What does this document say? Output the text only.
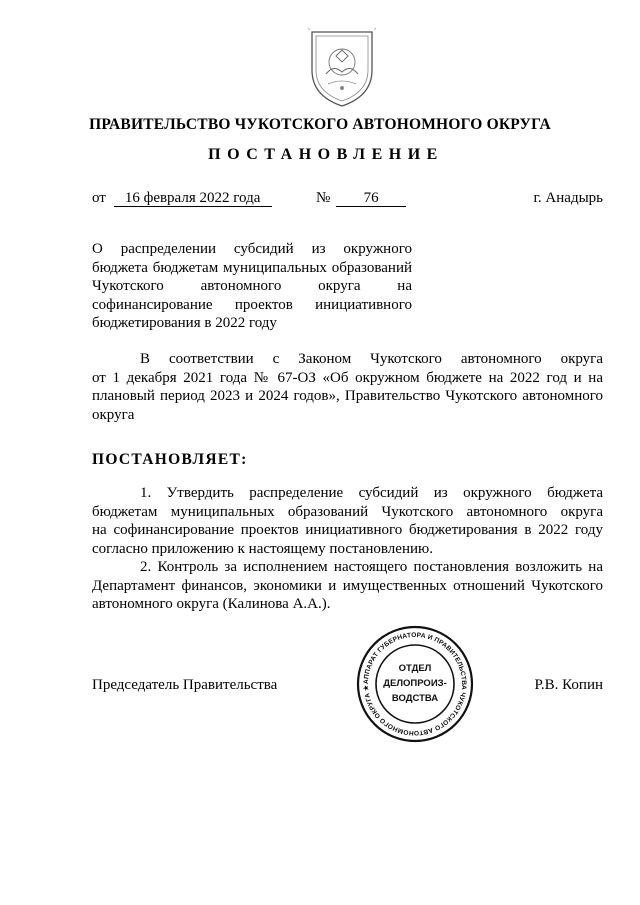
ПРАВИТЕЛЬСТВО ЧУКОТСКОГО АВТОНОМНОГО ОКРУГА
ПОСТАНОВЛЕНИЕ
от 16 февраля 2022 года	№ 76	г. Анадырь
О распределении субсидий из окружного
бюджета бюджетам муниципальных образований
Чукотского автономного округа на
софинансирование проектов инициативного
бюджетирования в 2022 году
В соответствии с Законом Чукотского автономного округа
от 1 декабря 2021 года № 67-ОЗ «Об окружном бюджете на 2022 год и на
плановый период 2023 и 2024 годов», Правительство Чукотского автономного
округа
ПОСТАНОВЛЯЕТ:
1. Утвердить распределение субсидий из окружного бюджета
бюджетам муниципальных образований Чукотского автономного округа
на софинансирование проектов инициативного бюджетирования в 2022 году
согласно приложению к настоящему постановлению.
2. Контроль за исполнением настоящего постановления возложить на
Департамент финансов, экономики и имущественных отношений Чукотского
автономного округа (Калинова А.А.).
Председатель Правительства	Р.В. Копин
АППАРАТ ГУБЕРНАТОРА И ПРАВИТЕЛЬСТВА ЧУКОТСКОГО АВТОНОМНОГО ОКРУГА ★
ОТДЕЛ
ДЕЛОПРОИЗ-
ВОДСТВА
